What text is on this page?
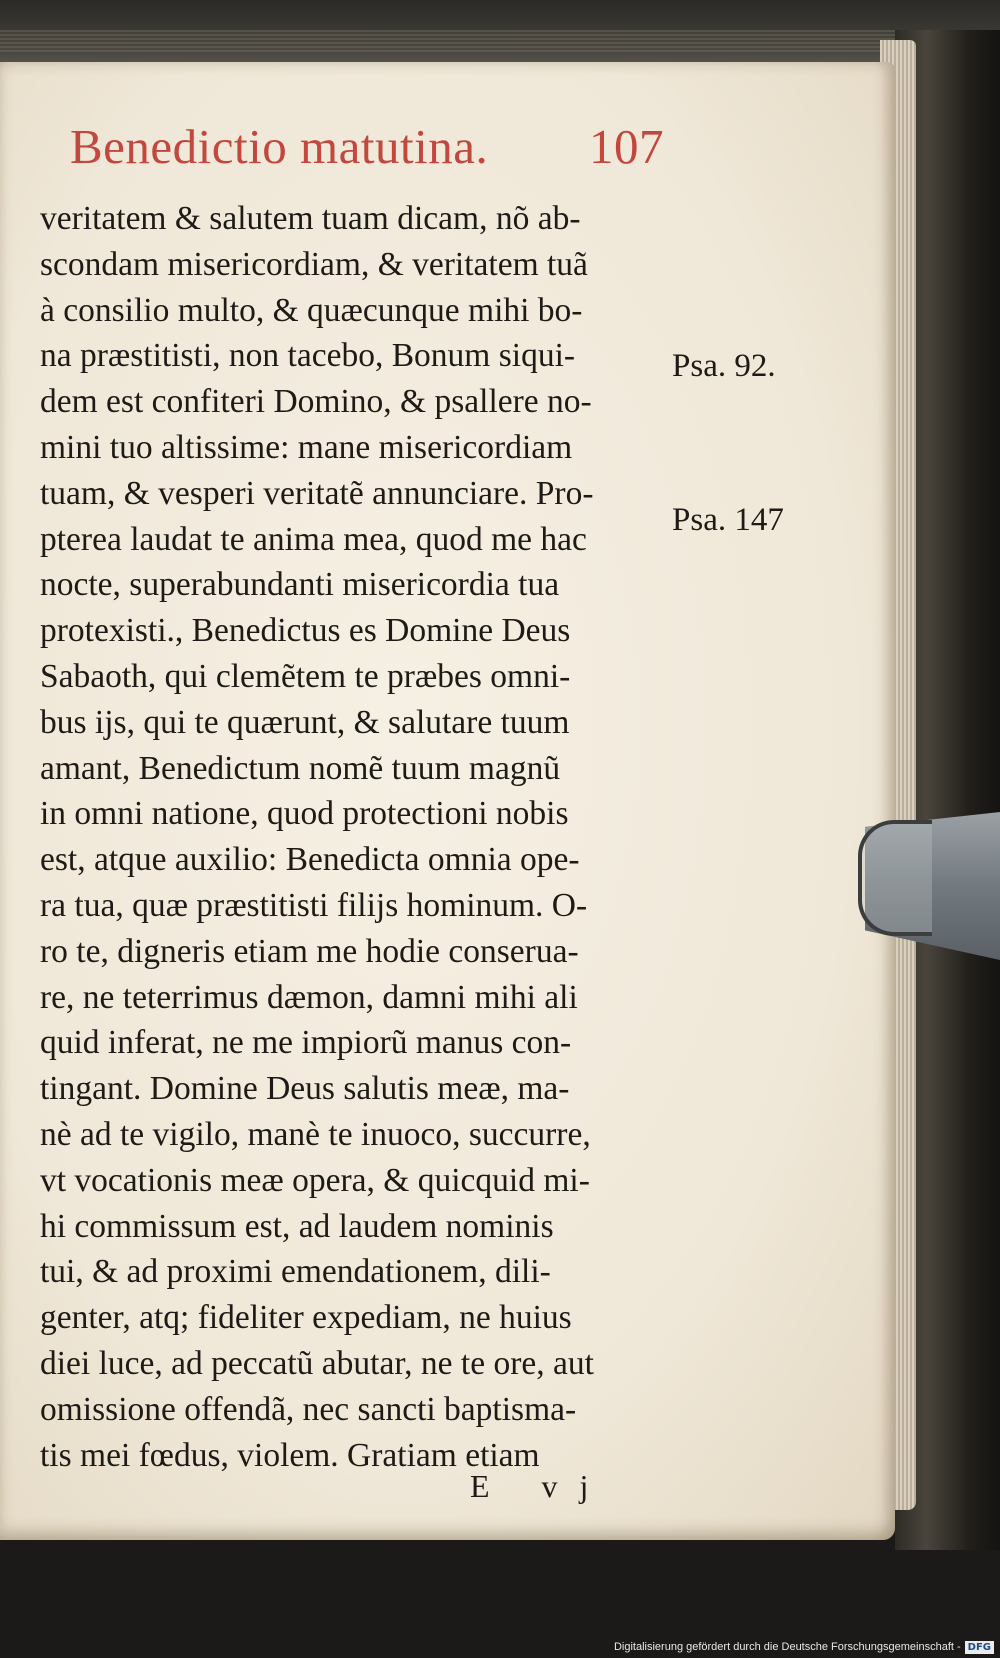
Benedictio matutina. 107
veritatem & salutem tuam dicam, nõ ab-
scondam misericordiam, & veritatem tuã
à consilio multo, & quæcunque mihi bo-
na præstitisti, non tacebo, Bonum siqui-
dem est confiteri Domino, & psallere no-
mini tuo altissime: mane misericordiam
tuam, & vesperi veritatẽ annunciare. Pro-
pterea laudat te anima mea, quod me hac
nocte, superabundanti misericordia tua
protexisti., Benedictus es Domine Deus
Sabaoth, qui clemẽtem te præbes omni-
bus ijs, qui te quærunt, & salutare tuum
amant, Benedictum nomẽ tuum magnũ
in omni natione, quod protectioni nobis
est, atque auxilio: Benedicta omnia ope-
ra tua, quæ præstitisti filijs hominum. O-
ro te, digneris etiam me hodie conserua-
re, ne teterrimus dæmon, damni mihi ali
quid inferat, ne me impiorũ manus con-
tingant. Domine Deus salutis meæ, ma-
nè ad te vigilo, manè te inuoco, succurre,
vt vocationis meæ opera, & quicquid mi-
hi commissum est, ad laudem nominis
tui, & ad proximi emendationem, dili-
genter, atq; fideliter expediam, ne huius
diei luce, ad peccatũ abutar, ne te ore, aut
omissione offendã, nec sancti baptisma-
tis mei fœdus, violem. Gratiam etiam
Psa. 92.
Psa. 147
E vj
Digitalisierung gefördert durch die Deutsche Forschungsgemeinschaft - DFG
